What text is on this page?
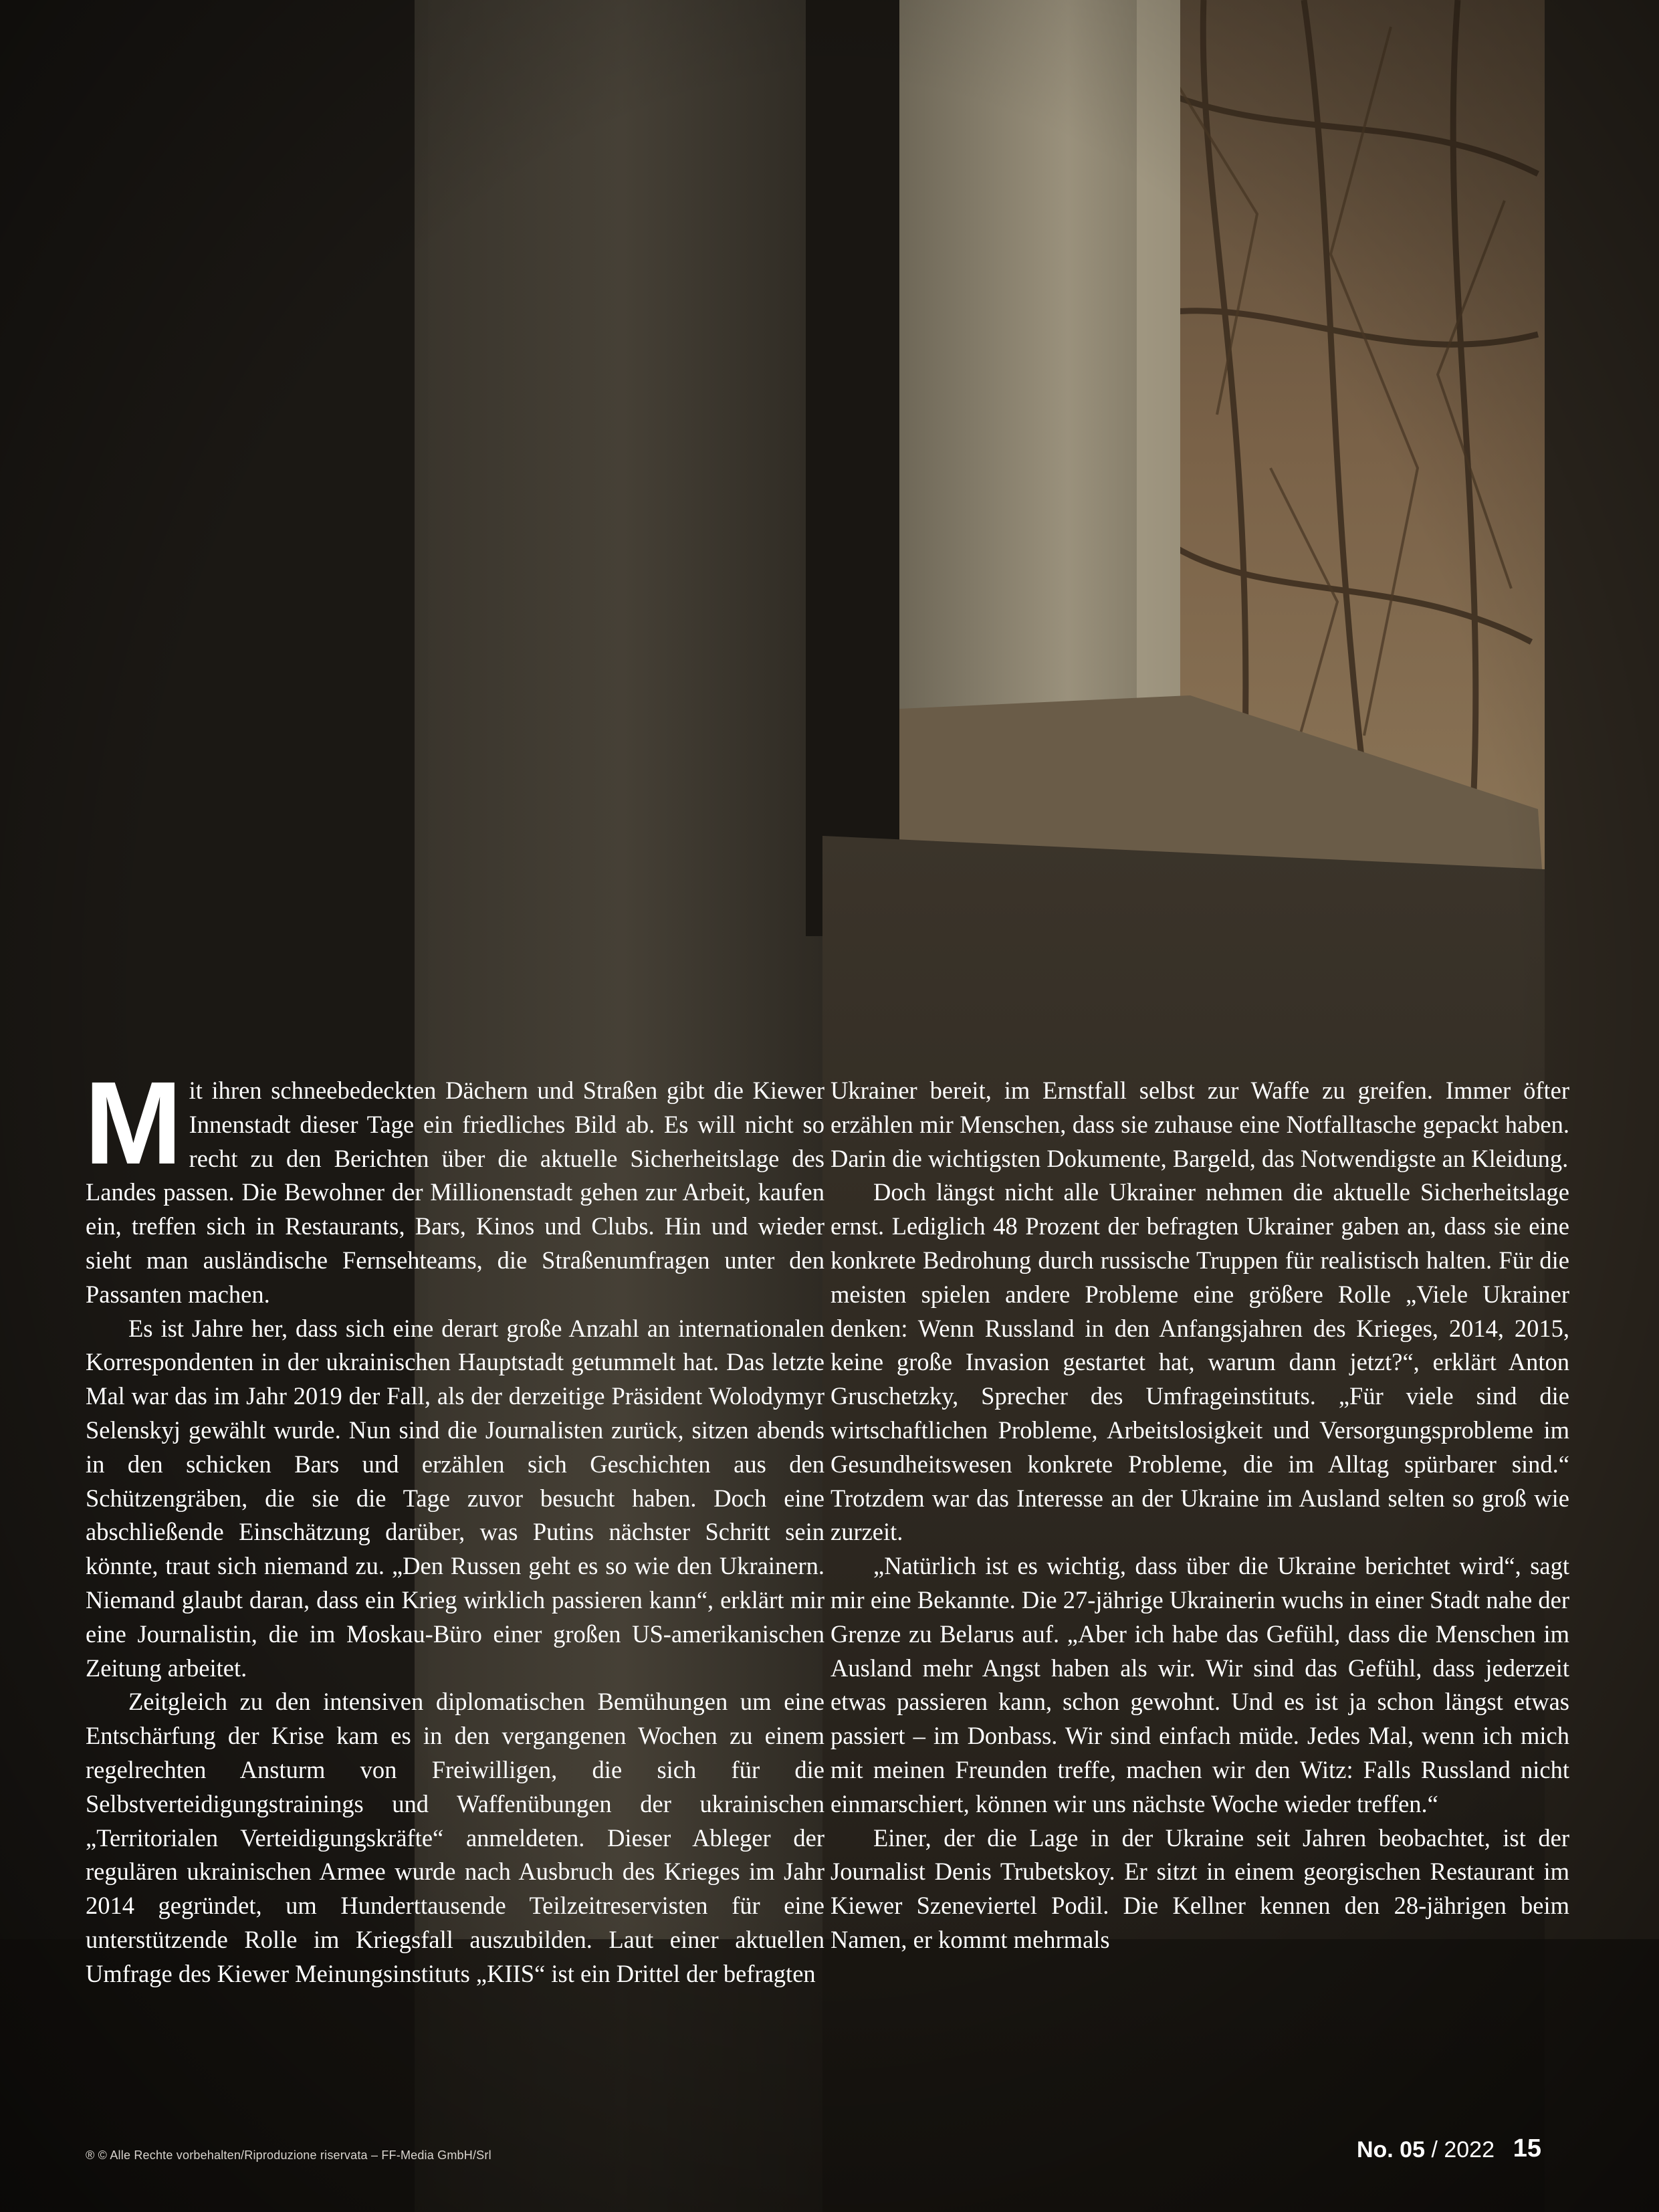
Mit ihren schneebedeckten Dächern und Straßen gibt die Kiewer Innenstadt dieser Tage ein friedliches Bild ab. Es will nicht so recht zu den Berichten über die aktuelle Sicherheitslage des Landes passen. Die Bewohner der Millionenstadt gehen zur Arbeit, kaufen ein, treffen sich in Restaurants, Bars, Kinos und Clubs. Hin und wieder sieht man ausländische Fernsehteams, die Straßenumfragen unter den Passanten machen.

Es ist Jahre her, dass sich eine derart große Anzahl an internationalen Korrespondenten in der ukrainischen Hauptstadt getummelt hat. Das letzte Mal war das im Jahr 2019 der Fall, als der derzeitige Präsident Wolodymyr Selenskyj gewählt wurde. Nun sind die Journalisten zurück, sitzen abends in den schicken Bars und erzählen sich Geschichten aus den Schützengräben, die sie die Tage zuvor besucht haben. Doch eine abschließende Einschätzung darüber, was Putins nächster Schritt sein könnte, traut sich niemand zu. „Den Russen geht es so wie den Ukrainern. Niemand glaubt daran, dass ein Krieg wirklich passieren kann“, erklärt mir eine Journalistin, die im Moskau-Büro einer großen US-amerikanischen Zeitung arbeitet.

Zeitgleich zu den intensiven diplomatischen Bemühungen um eine Entschärfung der Krise kam es in den vergangenen Wochen zu einem regelrechten Ansturm von Freiwilligen, die sich für die Selbstverteidigungstrainings und Waffenübungen der ukrainischen „Territorialen Verteidigungskräfte“ anmeldeten. Dieser Ableger der regulären ukrainischen Armee wurde nach Ausbruch des Krieges im Jahr 2014 gegründet, um Hunderttausende Teilzeitreservisten für eine unterstützende Rolle im Kriegsfall auszubilden. Laut einer aktuellen Umfrage des Kiewer Meinungsinstituts „KIIS“ ist ein Drittel der befragten

Ukrainer bereit, im Ernstfall selbst zur Waffe zu greifen. Immer öfter erzählen mir Menschen, dass sie zuhause eine Notfalltasche gepackt haben. Darin die wichtigsten Dokumente, Bargeld, das Notwendigste an Kleidung.

Doch längst nicht alle Ukrainer nehmen die aktuelle Sicherheitslage ernst. Lediglich 48 Prozent der befragten Ukrainer gaben an, dass sie eine konkrete Bedrohung durch russische Truppen für realistisch halten. Für die meisten spielen andere Probleme eine größere Rolle „Viele Ukrainer denken: Wenn Russland in den Anfangsjahren des Krieges, 2014, 2015, keine große Invasion gestartet hat, warum dann jetzt?“, erklärt Anton Gruschetzky, Sprecher des Umfrageinstituts. „Für viele sind die wirtschaftlichen Probleme, Arbeitslosigkeit und Versorgungsprobleme im Gesundheitswesen konkrete Probleme, die im Alltag spürbarer sind.“ Trotzdem war das Interesse an der Ukraine im Ausland selten so groß wie zurzeit.

„Natürlich ist es wichtig, dass über die Ukraine berichtet wird“, sagt mir eine Bekannte. Die 27-jährige Ukrainerin wuchs in einer Stadt nahe der Grenze zu Belarus auf. „Aber ich habe das Gefühl, dass die Menschen im Ausland mehr Angst haben als wir. Wir sind das Gefühl, dass jederzeit etwas passieren kann, schon gewohnt. Und es ist ja schon längst etwas passiert – im Donbass. Wir sind einfach müde. Jedes Mal, wenn ich mich mit meinen Freunden treffe, machen wir den Witz: Falls Russland nicht einmarschiert, können wir uns nächste Woche wieder treffen.“

Einer, der die Lage in der Ukraine seit Jahren beobachtet, ist der Journalist Denis Trubetskoy. Er sitzt in einem georgischen Restaurant im Kiewer Szeneviertel Podil. Die Kellner kennen den 28-jährigen beim Namen, er kommt mehrmals

® © Alle Rechte vorbehalten/Riproduzione riservata – FF-Media GmbH/Srl	No. 05 / 2022 15
